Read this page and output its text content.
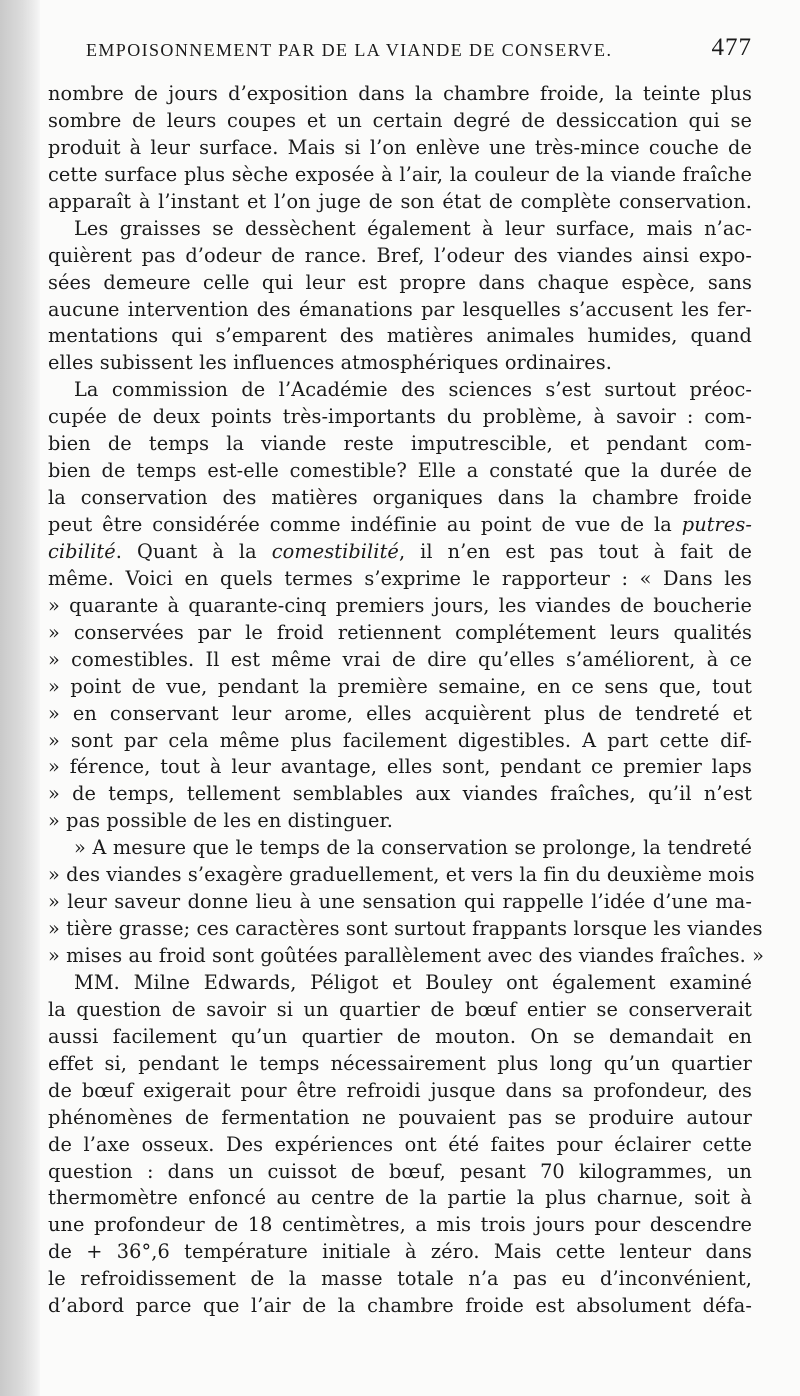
EMPOISONNEMENT PAR DE LA VIANDE DE CONSERVE.	477
nombre de jours d’exposition dans la chambre froide, la teinte plus
sombre de leurs coupes et un certain degré de dessiccation qui se
produit à leur surface. Mais si l’on enlève une très-mince couche de
cette surface plus sèche exposée à l’air, la couleur de la viande fraîche
apparaît à l’instant et l’on juge de son état de complète conservation.
Les graisses se dessèchent également à leur surface, mais n’ac-
quièrent pas d’odeur de rance. Bref, l’odeur des viandes ainsi expo-
sées demeure celle qui leur est propre dans chaque espèce, sans
aucune intervention des émanations par lesquelles s’accusent les fer-
mentations qui s’emparent des matières animales humides, quand
elles subissent les influences atmosphériques ordinaires.
La commission de l’Académie des sciences s’est surtout préoc-
cupée de deux points très-importants du problème, à savoir : com-
bien de temps la viande reste imputrescible, et pendant com-
bien de temps est-elle comestible? Elle a constaté que la durée de
la conservation des matières organiques dans la chambre froide
peut être considérée comme indéfinie au point de vue de la putres-
cibilité. Quant à la comestibilité, il n’en est pas tout à fait de
même. Voici en quels termes s’exprime le rapporteur : « Dans les
» quarante à quarante-cinq premiers jours, les viandes de boucherie
» conservées par le froid retiennent complétement leurs qualités
» comestibles. Il est même vrai de dire qu’elles s’améliorent, à ce
» point de vue, pendant la première semaine, en ce sens que, tout
» en conservant leur arome, elles acquièrent plus de tendreté et
» sont par cela même plus facilement digestibles. A part cette dif-
» férence, tout à leur avantage, elles sont, pendant ce premier laps
» de temps, tellement semblables aux viandes fraîches, qu’il n’est
» pas possible de les en distinguer.
» A mesure que le temps de la conservation se prolonge, la tendreté
» des viandes s’exagère graduellement, et vers la fin du deuxième mois
» leur saveur donne lieu à une sensation qui rappelle l’idée d’une ma-
» tière grasse; ces caractères sont surtout frappants lorsque les viandes
» mises au froid sont goûtées parallèlement avec des viandes fraîches. »
MM. Milne Edwards, Péligot et Bouley ont également examiné
la question de savoir si un quartier de bœuf entier se conserverait
aussi facilement qu’un quartier de mouton. On se demandait en
effet si, pendant le temps nécessairement plus long qu’un quartier
de bœuf exigerait pour être refroidi jusque dans sa profondeur, des
phénomènes de fermentation ne pouvaient pas se produire autour
de l’axe osseux. Des expériences ont été faites pour éclairer cette
question : dans un cuissot de bœuf, pesant 70 kilogrammes, un
thermomètre enfoncé au centre de la partie la plus charnue, soit à
une profondeur de 18 centimètres, a mis trois jours pour descendre
de + 36°,6 température initiale à zéro. Mais cette lenteur dans
le refroidissement de la masse totale n’a pas eu d’inconvénient,
d’abord parce que l’air de la chambre froide est absolument défa-
